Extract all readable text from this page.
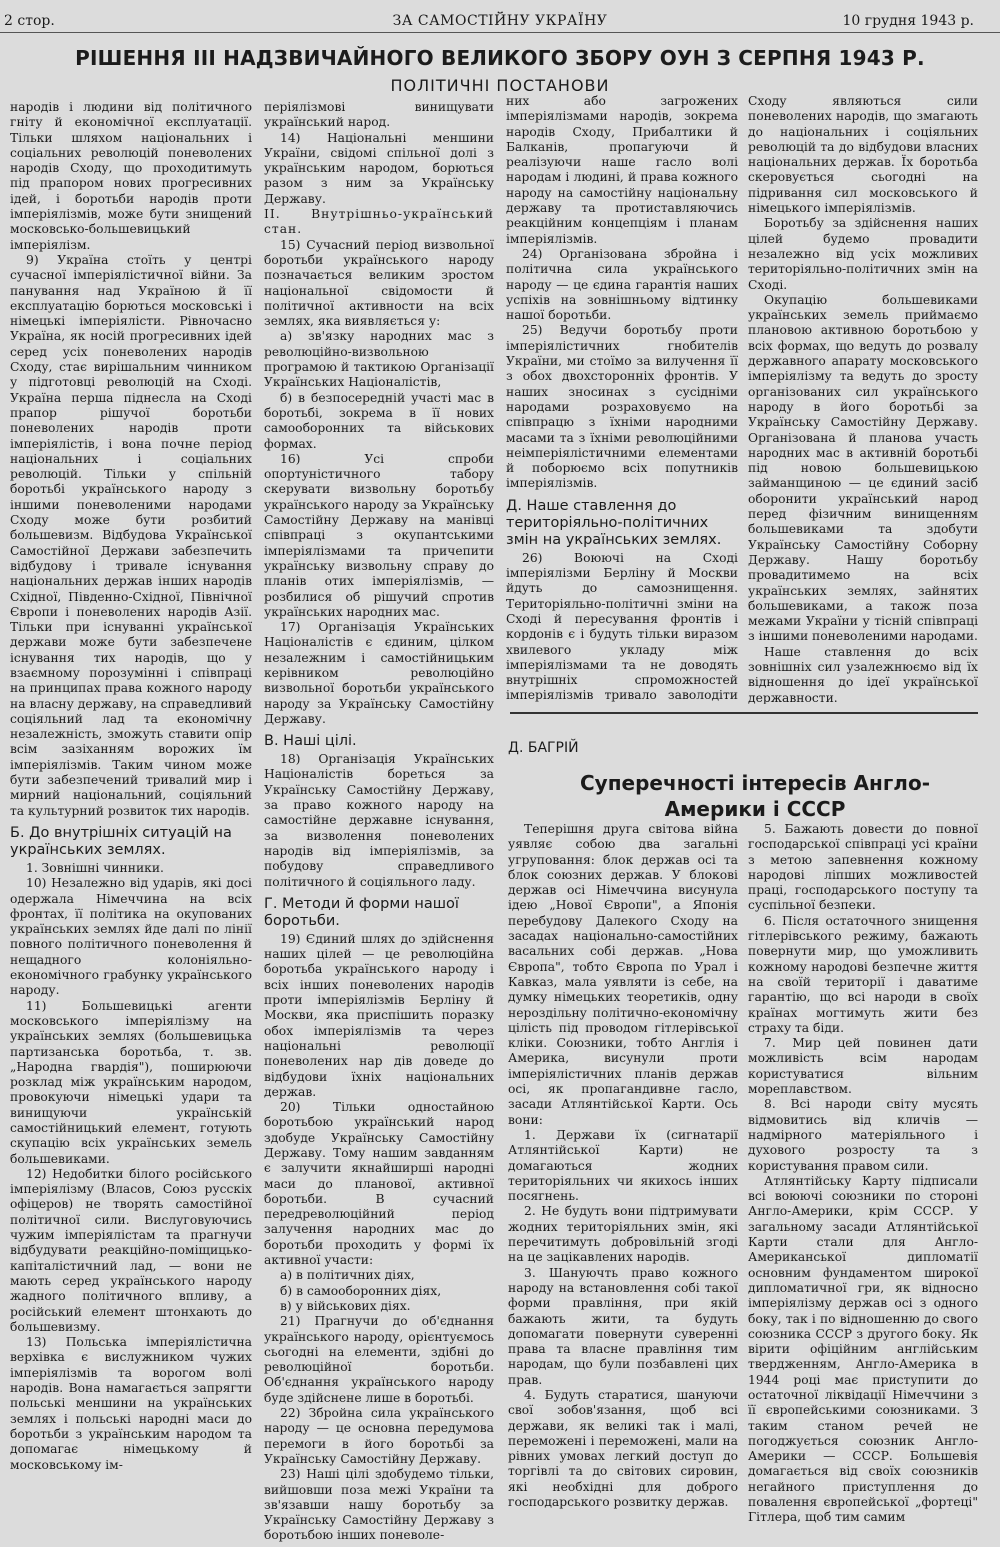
2 стор.	ЗА САМОСТІЙНУ УКРАЇНУ	10 грудня 1943 р.
РІШЕННЯ III НАДЗВИЧАЙНОГО ВЕЛИКОГО ЗБОРУ ОУН З СЕРПНЯ 1943 Р.
ПОЛІТИЧНІ ПОСТАНОВИ

народів і людини від політичного гніту й економічної експлуатації. Тільки шляхом національних і соціальних революцій поневолених народів Сходу, що проходитимуть під прапором нових прогресивних ідей, і боротьби народів проти імперіялізмів, може бути знищений московсько-большевицький імперіялізм.

9) Україна стоїть у центрі сучасної імперіялістичної війни. За панування над Україною й її експлуатацію борються московські і німецькі імперіялісти. Рівночасно Україна, як носій прогресивних ідей серед усіх поневолених народів Сходу, стає вирішальним чинником у підготовці революцій на Сході. Україна перша піднесла на Сході прапор рішучої боротьби поневолених народів проти імперіялістів, і вона почне період національних і соціальних революцій. Тільки у спільній боротьбі українського народу з іншими поневоленими народами Сходу може бути розбитий большевизм. Відбудова Української Самостійної Держави забезпечить відбудову і тривале існування національних держав інших народів Східної, Південно-Східної, Північної Європи і поневолених народів Азії. Тільки при існуванні української держави може бути забезпечене існування тих народів, що у взаємному порозумінні і співпраці на принципах права кожного народу на власну державу, на справедливий соціяльний лад та економічну незалежність, зможуть ставити опір всім зазіханням ворожих їм імперіялізмів. Таким чином може бути забезпечений тривалий мир і мирний національний, соціяльний та культурний розвиток тих народів.

Б. До внутрішніх ситуацій на українських землях.

1. Зовнішні чинники.

10) Незалежно від ударів, які досі одержала Німеччина на всіх фронтах, її політика на окупованих українських землях йде далі по лінії повного політичного поневолення й нещадного колоніяльно-економічного грабунку українського народу.

11) Большевицькі агенти московського імперіялізму на українських землях (большевицька партизанська боротьба, т. зв. „Народна гвардія"), поширюючи розклад між українським народом, провокуючи німецькі удари та винищуючи українській самостійницький елемент, готують скупацію всіх українських земель большевиками.

12) Недобитки білого російського імперіялізму (Власов, Союз русскіх офіцеров) не творять самостійної політичної сили. Вислуговуючись чужим імперіялістам та прагнучи відбудувати реакційно-поміщицько-капіталістичний лад, — вони не мають серед українського народу жадного політичного впливу, а російський елемент штонхають до большевизму.

13) Польська імперіялістична верхівка є вислужником чужих імперіялізмів та ворогом волі народів. Вона намагається запрягти польські меншини на українських землях і польські народні маси до боротьби з українським народом та допомагає німецькому й московському ім-

періялізмові винищувати український народ.

14) Національні меншини України, свідомі спільної долі з українським народом, борються разом з ним за Українську Державу.

II. Внутрішньо-український стан.

15) Сучасний період визвольної боротьби українського народу позначається великим зростом національної свідомости й політичної активности на всіх землях, яка виявляється у:

а) зв'язку народних мас з революційно-визвольною програмою й тактикою Організації Українських Націоналістів,

б) в безпосередній участі мас в боротьбі, зокрема в її нових самооборонних та військових формах.

16) Усі спроби опортуністичного табору скерувати визвольну боротьбу українського народу за Українську Самостійну Державу на манівці співпраці з окупантськими імперіялізмами та причепити українську визвольну справу до планів отих імперіялізмів, — розбилися об рішучий спротив українських народних мас.

17) Організація Українських Націоналістів є єдиним, цілком незалежним і самостійницьким керівником революційно визвольної боротьби українського народу за Українську Самостійну Державу.

В. Наші цілі.

18) Організація Українських Націоналістів бореться за Українську Самостійну Державу, за право кожного народу на самостійне державне існування, за визволення поневолених народів від імперіялізмів, за побудову справедливого політичного й соціяльного ладу.

Г. Методи й форми нашої боротьби.

19) Єдиний шлях до здійснення наших цілей — це революційна боротьба українського народу і всіх інших поневолених народів проти імперіялізмів Берліну й Москви, яка приспішить поразку обох імперіялізмів та через національні революції поневолених нар дів доведе до відбудови їхніх національних держав.

20) Тільки одностайною боротьбою український народ здобуде Українську Самостійну Державу. Тому нашим завданням є залучити якнайширші народні маси до планової, активної боротьби. В сучасний передреволюційний період залучення народних мас до боротьби проходить у формі їх активної участи:

а) в політичних діях,

б) в самооборонних діях,

в) у військових діях.

21) Прагнучи до об'єднання українського народу, орієнтуємось сьогодні на елементи, здібні до революційної боротьби. Об'єднання українського народу буде здійснене лише в боротьбі.

22) Збройна сила українського народу — це основна передумова перемоги в його боротьбі за Українську Самостійну Державу.

23) Наші цілі здобудемо тільки, вийшовши поза межі України та зв'язавши нашу боротьбу за Українську Самостійну Державу з боротьбою інших поневоле-

них або загрожених імперіялізмами народів, зокрема народів Сходу, Прибалтики й Балканів, пропагуючи й реалізуючи наше гасло волі народам і людині, й права кожного народу на самостійну національну державу та протиставляючись реакційним концепціям і планам імперіялізмів.

24) Організована збройна і політична сила українського народу — це єдина гарантія наших успіхів на зовнішньому відтинку нашої боротьби.

25) Ведучи боротьбу проти імперіялістичних гнобителів України, ми стоїмо за вилучення її з обох двохсторонніх фронтів. У наших зносинах з сусідніми народами розраховуємо на співпрацю з їхніми народними масами та з їхніми революційними неімперіялістичними елементами й поборюємо всіх попутників імперіялізмів.

Д. Наше ставлення до територіяльно-політичних змін на українських землях.

26) Воюючі на Сході імперіялізми Берліну й Москви йдуть до самознищення. Територіяльно-політичні зміни на Сході й пересування фронтів і кордонів є і будуть тільки виразом хвилевого укладу між імперіялізмами та не доводять внутрішніх спроможностей імперіялізмів тривало заволодіти

Сходу являються сили поневолених народів, що змагають до національних і соціяльних революцій та до відбудови власних національних держав. Їх боротьба скеровується сьогодні на підривання сил московського й німецького імперіялізмів.

Боротьбу за здійснення наших цілей будемо провадити незалежно від усіх можливих територіяльно-політичних змін на Сході.

Окупацію большевиками українських земель приймаємо плановою активною боротьбою у всіх формах, що ведуть до розвалу державного апарату московського імперіялізму та ведуть до зросту організованих сил українського народу в його боротьбі за Українську Самостійну Державу. Організована й планова участь народних мас в активній боротьбі під новою большевицькою займанщиною — це єдиний засіб оборонити український народ перед фізичним винищенням большевиками та здобути Українську Самостійну Соборну Державу. Нашу боротьбу провадитимемо на всіх українських землях, зайнятих большевиками, а також поза межами України у тісній співпраці з іншими поневоленими народами.

Наше ставлення до всіх зовнішніх сил узалежнюємо від їх відношення до ідеї української державности.

Д. БАГРІЙ
Суперечності інтересів Англо-
Америки і СССР

Теперішня друга світова війна уявляє собою два загальні угруповання: блок держав осі та блок союзних держав. У блокові держав осі Німеччина висунула ідею „Нової Європи", а Японія перебудову Далекого Сходу на засадах національно-самостійних васальних собі держав. „Нова Європа", тобто Європа по Урал і Кавказ, мала уявляти із себе, на думку німецьких теоретиків, одну нероздільну політично-економічну цілість під проводом гітлерівської кліки. Союзники, тобто Англія і Америка, висунули проти імперіялістичних планів держав осі, як пропагандивне гасло, засади Атлянтійської Карти. Ось вони:

1. Держави їх (сигнатарії Атлянтійської Карти) не домагаються жодних територіяльних чи якихось інших посягнень.

2. Не будуть вони підтримувати жодних територіяльних змін, які перечитимуть добровільній згоді на це зацікавлених народів.

3. Шануючть право кожного народу на встановлення собі такої форми правління, при якій бажають жити, та будуть допомагати повернути суверенні права та власне правління тим народам, що були позбавлені цих прав.

4. Будуть старатися, шануючи свої зобов'язання, щоб всі держави, як великі так і малі, переможені і переможені, мали на рівних умовах легкий доступ до торгівлі та до світових сировин, які необхідні для доброго господарського розвитку держав.

5. Бажають довести до повної господарської співпраці усі країни з метою запевнення кожному народові ліпших можливостей праці, господарського поступу та суспільної безпеки.

6. Після остаточного знищення гітлерівського режиму, бажають повернути мир, що уможливить кожному народові безпечне життя на своїй території і даватиме гарантію, що всі народи в своїх країнах могтимуть жити без страху та біди.

7. Мир цей повинен дати можливість всім народам користуватися вільним мореплавством.

8. Всі народи світу мусять відмовитись від кличів — надмірного матеріяльного і духового розросту та з користування правом сили.

Атлянтійську Карту підписали всі воюючі союзники по стороні Англо-Америки, крім СССР. У загальному засади Атлянтійської Карти стали для Англо-Американської дипломатії основним фундаментом широкої дипломатичної гри, як відносно імперіялізму держав осі з одного боку, так і по відношенню до свого союзника СССР з другого боку. Як вірити офіційним англійським твердженням, Англо-Америка в 1944 році має приступити до остаточної ліквідації Німеччини з її європейськими союзниками. З таким станом речей не погоджується союзник Англо-Америки — СССР. Большевія домагається від своїх союзників негайного приступлення до повалення європейської „фортеці" Гітлера, щоб тим самим
